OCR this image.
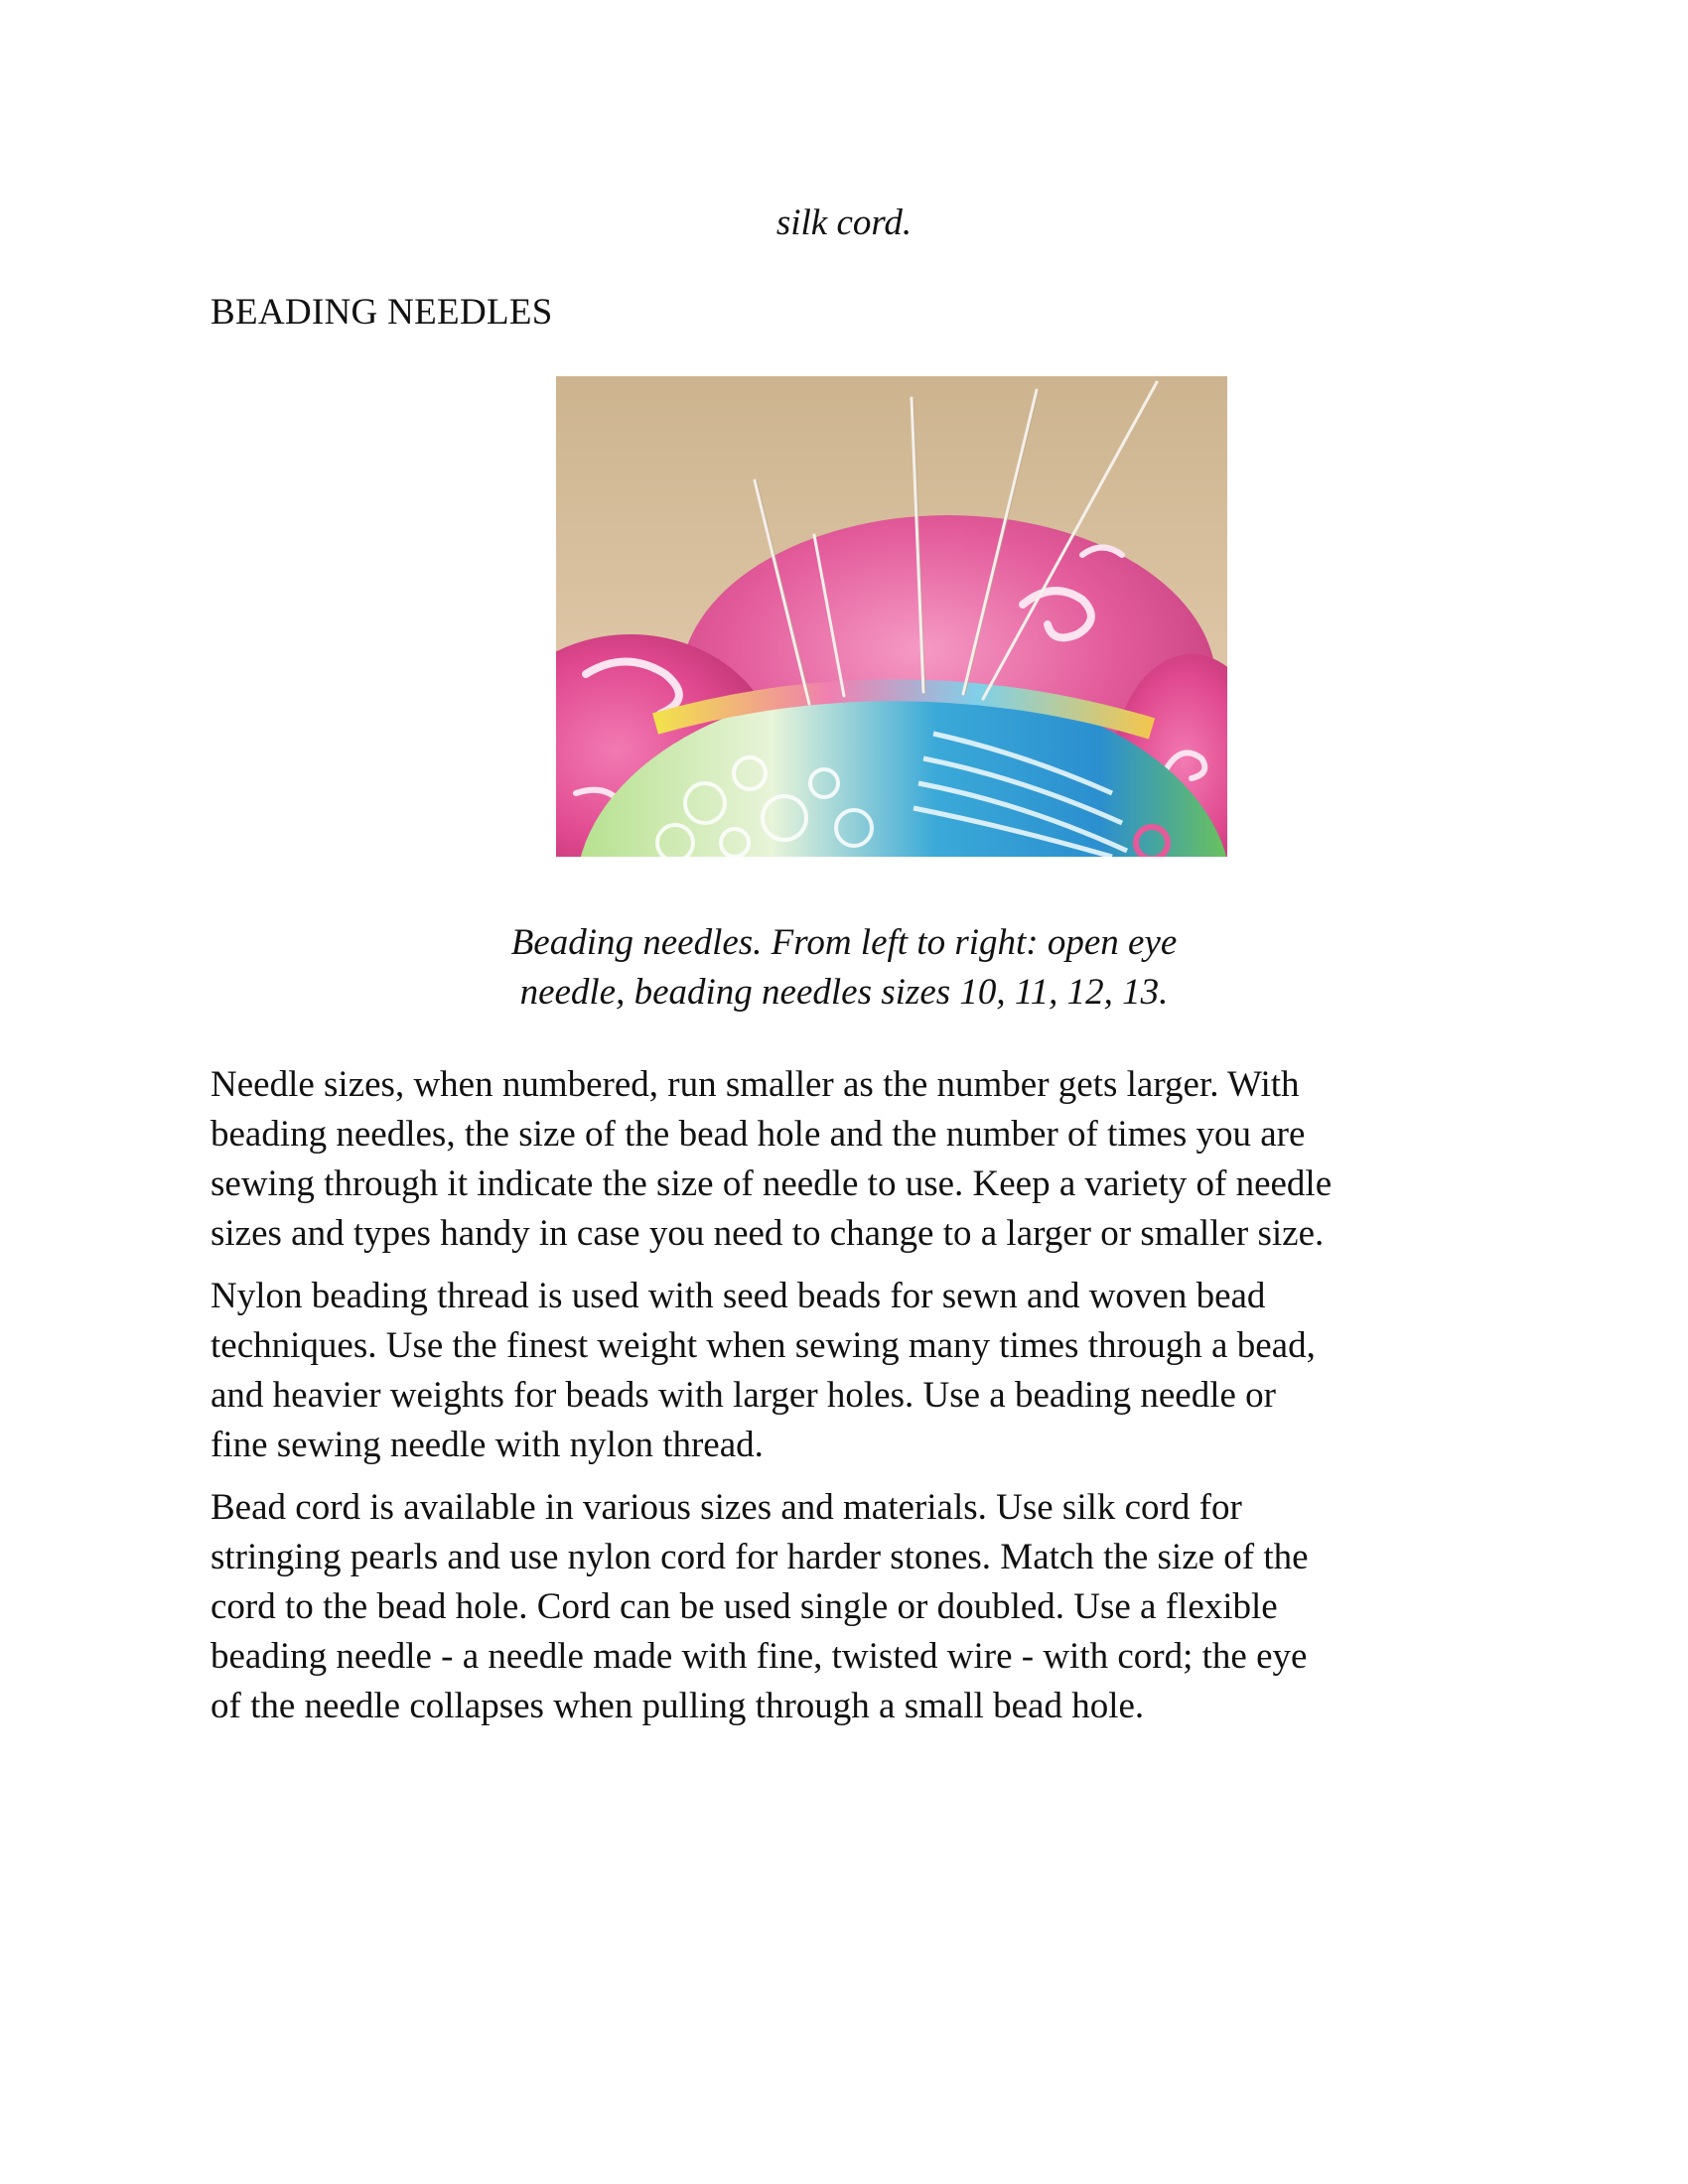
silk cord.
BEADING NEEDLES
Beading needles. From left to right: open eye
needle, beading needles sizes 10, 11, 12, 13.

Needle sizes, when numbered, run smaller as the number gets larger. With
beading needles, the size of the bead hole and the number of times you are
sewing through it indicate the size of needle to use. Keep a variety of needle
sizes and types handy in case you need to change to a larger or smaller size.

Nylon beading thread is used with seed beads for sewn and woven bead
techniques. Use the finest weight when sewing many times through a bead,
and heavier weights for beads with larger holes. Use a beading needle or
fine sewing needle with nylon thread.

Bead cord is available in various sizes and materials. Use silk cord for
stringing pearls and use nylon cord for harder stones. Match the size of the
cord to the bead hole. Cord can be used single or doubled. Use a flexible
beading needle - a needle made with fine, twisted wire - with cord; the eye
of the needle collapses when pulling through a small bead hole.
